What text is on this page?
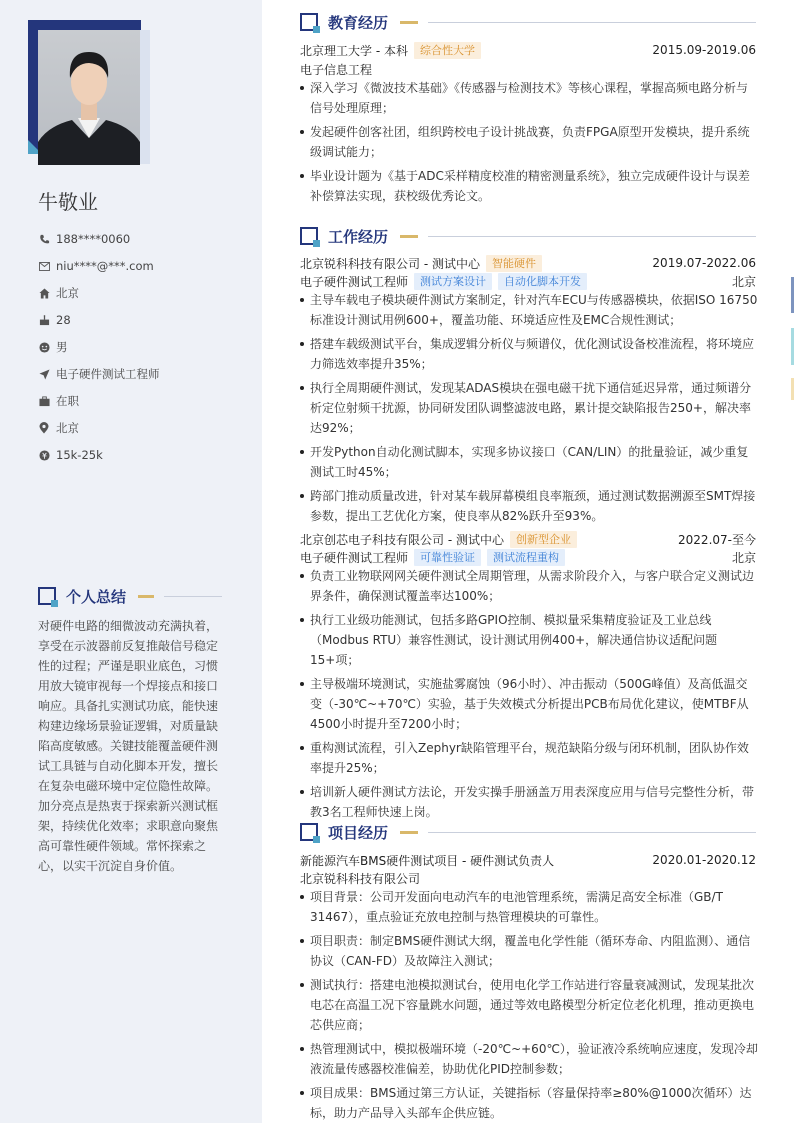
牛敬业
188****0060
niu****@***.com
北京
28
男
电子硬件测试工程师
在职
北京
15k-25k
个人总结
对硬件电路的细微波动充满执着，享受在示波器前反复推敲信号稳定性的过程；严谨是职业底色，习惯用放大镜审视每一个焊接点和接口响应。具备扎实测试功底，能快速构建边缘场景验证逻辑，对质量缺陷高度敏感。关键技能覆盖硬件测试工具链与自动化脚本开发，擅长在复杂电磁环境中定位隐性故障。加分亮点是热衷于探索新兴测试框架，持续优化效率；求职意向聚焦高可靠性硬件领域。常怀探索之心，以实干沉淀自身价值。
教育经历
北京理工大学 - 本科	综合性大学	2015.09-2019.06
电子信息工程
深入学习《微波技术基础》《传感器与检测技术》等核心课程，掌握高频电路分析与信号处理原理；
发起硬件创客社团，组织跨校电子设计挑战赛，负责FPGA原型开发模块，提升系统级调试能力；
毕业设计题为《基于ADC采样精度校准的精密测量系统》，独立完成硬件设计与误差补偿算法实现，获校级优秀论文。
工作经历
北京锐科科技有限公司 - 测试中心	智能硬件	2019.07-2022.06
电子硬件测试工程师	测试方案设计	自动化脚本开发	北京
主导车载电子模块硬件测试方案制定，针对汽车ECU与传感器模块，依据ISO 16750标准设计测试用例600+，覆盖功能、环境适应性及EMC合规性测试；
搭建车载级测试平台，集成逻辑分析仪与频谱仪，优化测试设备校准流程，将环境应力筛选效率提升35%；
执行全周期硬件测试，发现某ADAS模块在强电磁干扰下通信延迟异常，通过频谱分析定位射频干扰源，协同研发团队调整滤波电路，累计提交缺陷报告250+，解决率达92%；
开发Python自动化测试脚本，实现多协议接口（CAN/LIN）的批量验证，减少重复测试工时45%；
跨部门推动质量改进，针对某车载屏幕模组良率瓶颈，通过测试数据溯源至SMT焊接参数，提出工艺优化方案，使良率从82%跃升至93%。
北京创芯电子科技有限公司 - 测试中心	创新型企业	2022.07-至今
电子硬件测试工程师	可靠性验证	测试流程重构	北京
负责工业物联网网关硬件测试全周期管理，从需求阶段介入，与客户联合定义测试边界条件，确保测试覆盖率达100%；
执行工业级功能测试，包括多路GPIO控制、模拟量采集精度验证及工业总线（Modbus RTU）兼容性测试，设计测试用例400+，解决通信协议适配问题15+项；
主导极端环境测试，实施盐雾腐蚀（96小时）、冲击振动（500G峰值）及高低温交变（-30℃~+70℃）实验，基于失效模式分析提出PCB布局优化建议，使MTBF从4500小时提升至7200小时；
重构测试流程，引入Zephyr缺陷管理平台，规范缺陷分级与闭环机制，团队协作效率提升25%；
培训新人硬件测试方法论，开发实操手册涵盖万用表深度应用与信号完整性分析，带教3名工程师快速上岗。
项目经历
新能源汽车BMS硬件测试项目 - 硬件测试负责人	2020.01-2020.12
北京锐科科技有限公司
项目背景：公司开发面向电动汽车的电池管理系统，需满足高安全标准（GB/T 31467），重点验证充放电控制与热管理模块的可靠性。
项目职责：制定BMS硬件测试大纲，覆盖电化学性能（循环寿命、内阻监测）、通信协议（CAN-FD）及故障注入测试；
测试执行：搭建电池模拟测试台，使用电化学工作站进行容量衰减测试，发现某批次电芯在高温工况下容量跳水问题，通过等效电路模型分析定位老化机理，推动更换电芯供应商；
热管理测试中，模拟极端环境（-20℃~+60℃），验证液冷系统响应速度，发现冷却液流量传感器校准偏差，协助优化PID控制参数；
项目成果：BMS通过第三方认证，关键指标（容量保持率≥80%@1000次循环）达标，助力产品导入头部车企供应链。
